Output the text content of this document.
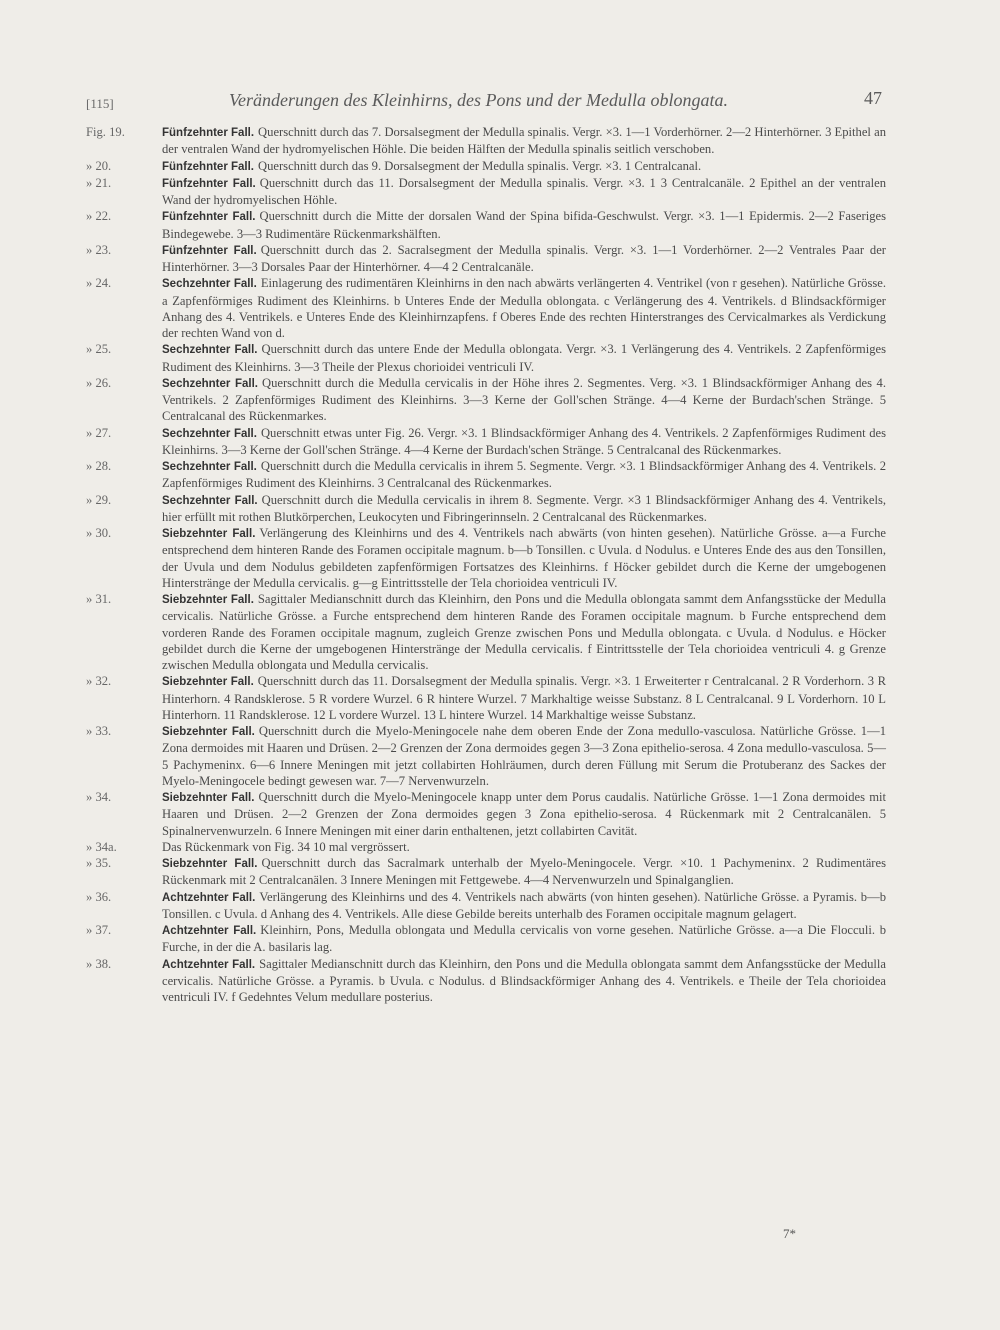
[115]	Veränderungen des Kleinhirns, des Pons und der Medulla oblongata.	47
Fig. 19.	Fünfzehnter Fall. Querschnitt durch das 7. Dorsalsegment der Medulla spinalis. Vergr. ×3. 1—1 Vorderhörner. 2—2 Hinterhörner. 3 Epithel an der ventralen Wand der hydromyelischen Höhle. Die beiden Hälften der Medulla spinalis seitlich verschoben.
» 20.	Fünfzehnter Fall. Querschnitt durch das 9. Dorsalsegment der Medulla spinalis. Vergr. ×3. 1 Centralcanal.
» 21.	Fünfzehnter Fall. Querschnitt durch das 11. Dorsalsegment der Medulla spinalis. Vergr. ×3. 1 3 Centralcanäle. 2 Epithel an der ventralen Wand der hydromyelischen Höhle.
» 22.	Fünfzehnter Fall. Querschnitt durch die Mitte der dorsalen Wand der Spina bifida-Geschwulst. Vergr. ×3. 1—1 Epidermis. 2—2 Faseriges Bindegewebe. 3—3 Rudimentäre Rückenmarkshälften.
» 23.	Fünfzehnter Fall. Querschnitt durch das 2. Sacralsegment der Medulla spinalis. Vergr. ×3. 1—1 Vorderhörner. 2—2 Ventrales Paar der Hinterhörner. 3—3 Dorsales Paar der Hinterhörner. 4—4 2 Centralcanäle.
» 24.	Sechzehnter Fall. Einlagerung des rudimentären Kleinhirns in den nach abwärts verlängerten 4. Ventrikel (von r gesehen). Natürliche Grösse. a Zapfenförmiges Rudiment des Kleinhirns. b Unteres Ende der Medulla oblongata. c Verlängerung des 4. Ventrikels. d Blindsackförmiger Anhang des 4. Ventrikels. e Unteres Ende des Kleinhirnzapfens. f Oberes Ende des rechten Hinterstranges des Cervicalmarkes als Verdickung der rechten Wand von d.
» 25.	Sechzehnter Fall. Querschnitt durch das untere Ende der Medulla oblongata. Vergr. ×3. 1 Verlängerung des 4. Ventrikels. 2 Zapfenförmiges Rudiment des Kleinhirns. 3—3 Theile der Plexus chorioidei ventriculi IV.
» 26.	Sechzehnter Fall. Querschnitt durch die Medulla cervicalis in der Höhe ihres 2. Segmentes. Verg. ×3. 1 Blindsackförmiger Anhang des 4. Ventrikels. 2 Zapfenförmiges Rudiment des Kleinhirns. 3—3 Kerne der Goll'schen Stränge. 4—4 Kerne der Burdach'schen Stränge. 5 Centralcanal des Rückenmarkes.
» 27.	Sechzehnter Fall. Querschnitt etwas unter Fig. 26. Vergr. ×3. 1 Blindsackförmiger Anhang des 4. Ventrikels. 2 Zapfenförmiges Rudiment des Kleinhirns. 3—3 Kerne der Goll'schen Stränge. 4—4 Kerne der Burdach'schen Stränge. 5 Centralcanal des Rückenmarkes.
» 28.	Sechzehnter Fall. Querschnitt durch die Medulla cervicalis in ihrem 5. Segmente. Vergr. ×3. 1 Blindsackförmiger Anhang des 4. Ventrikels. 2 Zapfenförmiges Rudiment des Kleinhirns. 3 Centralcanal des Rückenmarkes.
» 29.	Sechzehnter Fall. Querschnitt durch die Medulla cervicalis in ihrem 8. Segmente. Vergr. ×3 1 Blindsackförmiger Anhang des 4. Ventrikels, hier erfüllt mit rothen Blutkörperchen, Leukocyten und Fibringerinnseln. 2 Centralcanal des Rückenmarkes.
» 30.	Siebzehnter Fall. Verlängerung des Kleinhirns und des 4. Ventrikels nach abwärts (von hinten gesehen). Natürliche Grösse. a—a Furche entsprechend dem hinteren Rande des Foramen occipitale magnum. b—b Tonsillen. c Uvula. d Nodulus. e Unteres Ende des aus den Tonsillen, der Uvula und dem Nodulus gebildeten zapfenförmigen Fortsatzes des Kleinhirns. f Höcker gebildet durch die Kerne der umgebogenen Hinterstränge der Medulla cervicalis. g—g Eintrittsstelle der Tela chorioidea ventriculi IV.
» 31.	Siebzehnter Fall. Sagittaler Medianschnitt durch das Kleinhirn, den Pons und die Medulla oblongata sammt dem Anfangsstücke der Medulla cervicalis. Natürliche Grösse. a Furche entsprechend dem hinteren Rande des Foramen occipitale magnum. b Furche entsprechend dem vorderen Rande des Foramen occipitale magnum, zugleich Grenze zwischen Pons und Medulla oblongata. c Uvula. d Nodulus. e Höcker gebildet durch die Kerne der umgebogenen Hinterstränge der Medulla cervicalis. f Eintrittsstelle der Tela chorioidea ventriculi 4. g Grenze zwischen Medulla oblongata und Medulla cervicalis.
» 32.	Siebzehnter Fall. Querschnitt durch das 11. Dorsalsegment der Medulla spinalis. Vergr. ×3. 1 Erweiterter r Centralcanal. 2 R Vorderhorn. 3 R Hinterhorn. 4 Randsklerose. 5 R vordere Wurzel. 6 R hintere Wurzel. 7 Markhaltige weisse Substanz. 8 L Centralcanal. 9 L Vorderhorn. 10 L Hinterhorn. 11 Randsklerose. 12 L vordere Wurzel. 13 L hintere Wurzel. 14 Markhaltige weisse Substanz.
» 33.	Siebzehnter Fall. Querschnitt durch die Myelo-Meningocele nahe dem oberen Ende der Zona medullo-vasculosa. Natürliche Grösse. 1—1 Zona dermoides mit Haaren und Drüsen. 2—2 Grenzen der Zona dermoides gegen 3—3 Zona epithelio-serosa. 4 Zona medullo-vasculosa. 5—5 Pachymeninx. 6—6 Innere Meningen mit jetzt collabirten Hohlräumen, durch deren Füllung mit Serum die Protuberanz des Sackes der Myelo-Meningocele bedingt gewesen war. 7—7 Nervenwurzeln.
» 34.	Siebzehnter Fall. Querschnitt durch die Myelo-Meningocele knapp unter dem Porus caudalis. Natürliche Grösse. 1—1 Zona dermoides mit Haaren und Drüsen. 2—2 Grenzen der Zona dermoides gegen 3 Zona epithelio-serosa. 4 Rückenmark mit 2 Centralcanälen. 5 Spinalnervenwurzeln. 6 Innere Meningen mit einer darin enthaltenen, jetzt collabirten Cavität.
» 34a.	Das Rückenmark von Fig. 34 10 mal vergrössert.
» 35.	Siebzehnter Fall. Querschnitt durch das Sacralmark unterhalb der Myelo-Meningocele. Vergr. ×10. 1 Pachymeninx. 2 Rudimentäres Rückenmark mit 2 Centralcanälen. 3 Innere Meningen mit Fettgewebe. 4—4 Nervenwurzeln und Spinalganglien.
» 36.	Achtzehnter Fall. Verlängerung des Kleinhirns und des 4. Ventrikels nach abwärts (von hinten gesehen). Natürliche Grösse. a Pyramis. b—b Tonsillen. c Uvula. d Anhang des 4. Ventrikels. Alle diese Gebilde bereits unterhalb des Foramen occipitale magnum gelagert.
» 37.	Achtzehnter Fall. Kleinhirn, Pons, Medulla oblongata und Medulla cervicalis von vorne gesehen. Natürliche Grösse. a—a Die Flocculi. b Furche, in der die A. basilaris lag.
» 38.	Achtzehnter Fall. Sagittaler Medianschnitt durch das Kleinhirn, den Pons und die Medulla oblongata sammt dem Anfangsstücke der Medulla cervicalis. Natürliche Grösse. a Pyramis. b Uvula. c Nodulus. d Blindsackförmiger Anhang des 4. Ventrikels. e Theile der Tela chorioidea ventriculi IV. f Gedehntes Velum medullare posterius.
7*
